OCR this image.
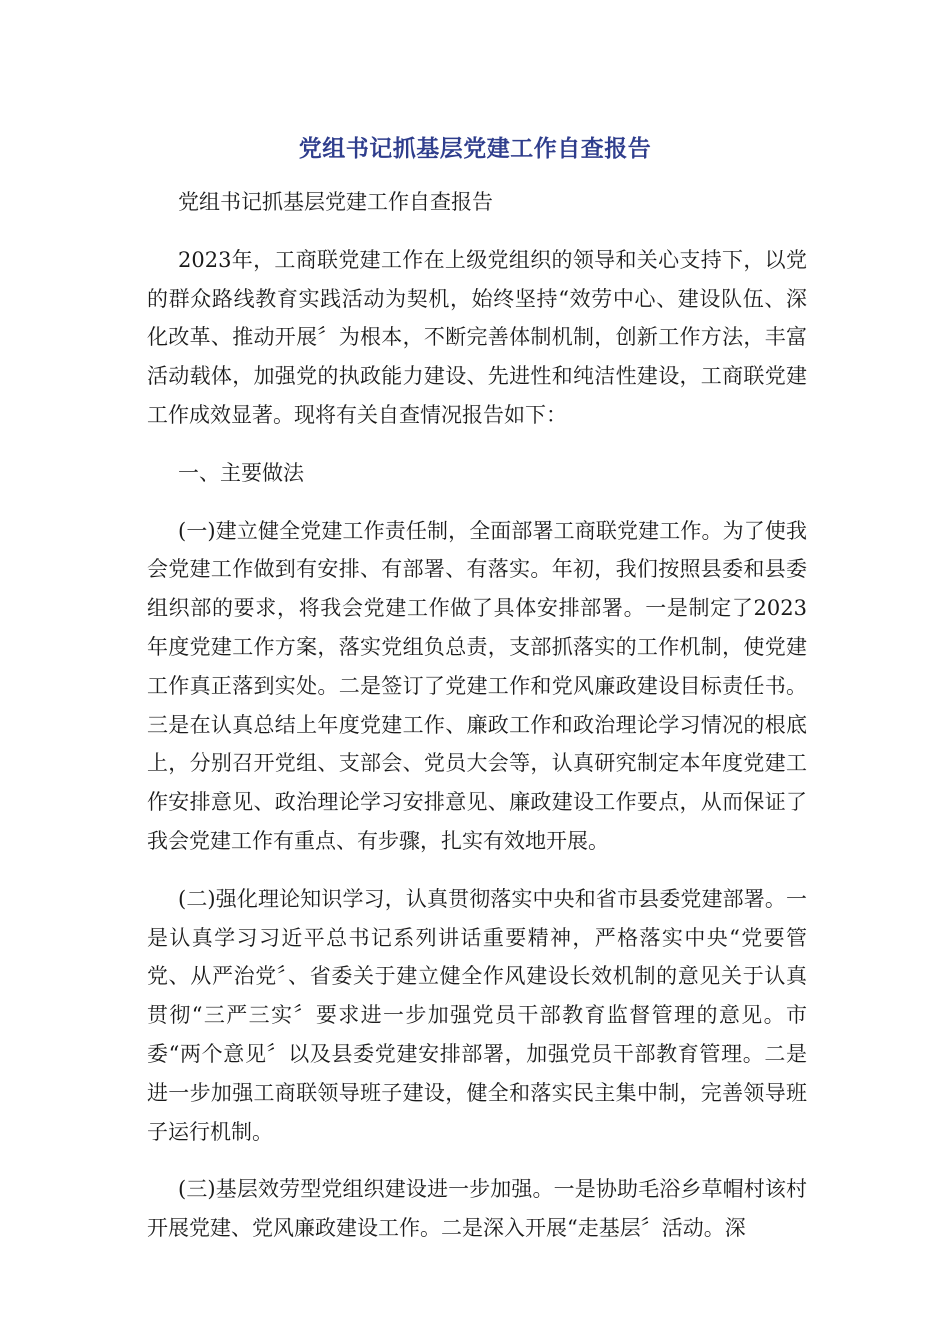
党组书记抓基层党建工作自查报告

党组书记抓基层党建工作自查报告

2023年，工商联党建工作在上级党组织的领导和关心支持下，以党的群众路线教育实践活动为契机，始终坚持“效劳中心、建设队伍、深化改革、推动开展〞为根本，不断完善体制机制，创新工作方法，丰富活动载体，加强党的执政能力建设、先进性和纯洁性建设，工商联党建工作成效显著。现将有关自查情况报告如下：

一、主要做法

(一)建立健全党建工作责任制，全面部署工商联党建工作。为了使我会党建工作做到有安排、有部署、有落实。年初，我们按照县委和县委组织部的要求，将我会党建工作做了具体安排部署。一是制定了2023年度党建工作方案，落实党组负总责，支部抓落实的工作机制，使党建工作真正落到实处。二是签订了党建工作和党风廉政建设目标责任书。三是在认真总结上年度党建工作、廉政工作和政治理论学习情况的根底上，分别召开党组、支部会、党员大会等，认真研究制定本年度党建工作安排意见、政治理论学习安排意见、廉政建设工作要点，从而保证了我会党建工作有重点、有步骤，扎实有效地开展。

(二)强化理论知识学习，认真贯彻落实中央和省市县委党建部署。一是认真学习习近平总书记系列讲话重要精神，严格落实中央“党要管党、从严治党〞、省委关于建立健全作风建设长效机制的意见关于认真贯彻“三严三实〞要求进一步加强党员干部教育监督管理的意见。市委“两个意见〞以及县委党建安排部署，加强党员干部教育管理。二是进一步加强工商联领导班子建设，健全和落实民主集中制，完善领导班子运行机制。

(三)基层效劳型党组织建设进一步加强。一是协助毛浴乡草帽村该村开展党建、党风廉政建设工作。二是深入开展“走基层〞活动。深
